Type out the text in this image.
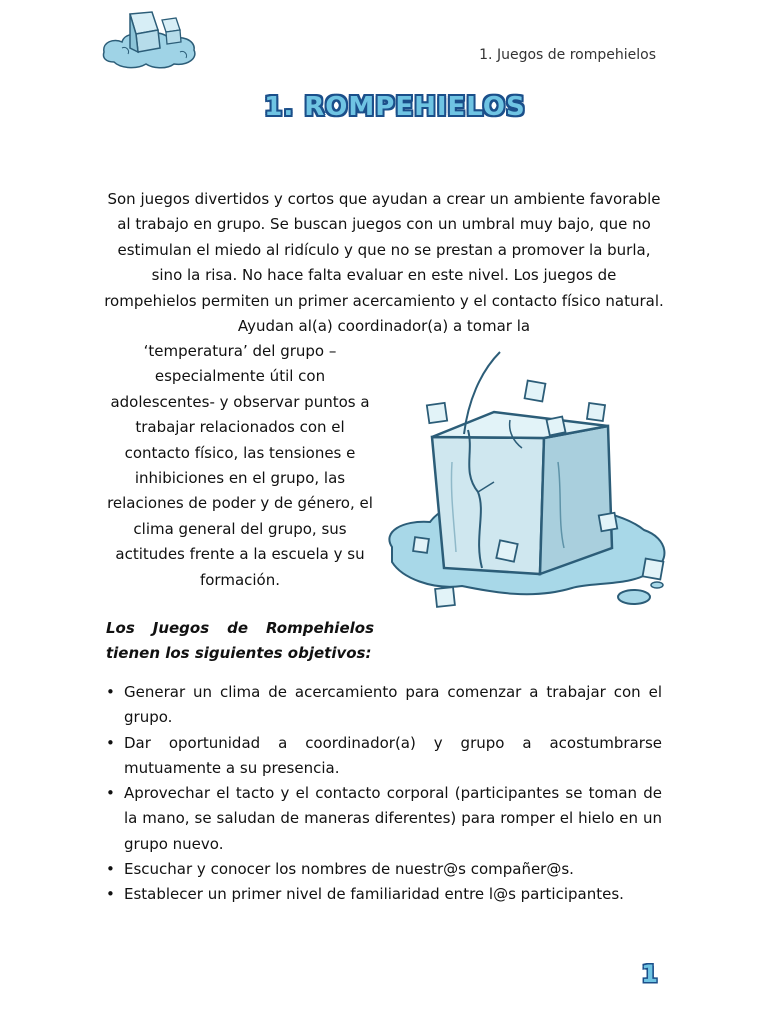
1. Juegos de rompehielos
1. ROMPEHIELOS

Son juegos divertidos y cortos que ayudan a crear un ambiente favorable al trabajo en grupo. Se buscan juegos con un umbral muy bajo, que no estimulan el miedo al ridículo y que no se prestan a promover la burla, sino la risa. No hace falta evaluar en este nivel. Los juegos de rompehielos permiten un primer acercamiento y el contacto físico natural. Ayudan al(a) coordinador(a) a tomar la

‘temperatura’ del grupo – especialmente útil con adolescentes- y observar puntos a trabajar relacionados con el contacto físico, las tensiones e inhibiciones en el grupo, las relaciones de poder y de género, el clima general del grupo, sus actitudes frente a la escuela y su formación.

Los Juegos de Rompehielos
tienen los siguientes objetivos:

• Generar un clima de acercamiento para comenzar a trabajar con el grupo.
• Dar oportunidad a coordinador(a) y grupo a acostumbrarse mutuamente a su presencia.
• Aprovechar el tacto y el contacto corporal (participantes se toman de la mano, se saludan de maneras diferentes) para romper el hielo en un grupo nuevo.
• Escuchar y conocer los nombres de nuestr@s compañer@s.
• Establecer un primer nivel de familiaridad entre l@s participantes.
1
